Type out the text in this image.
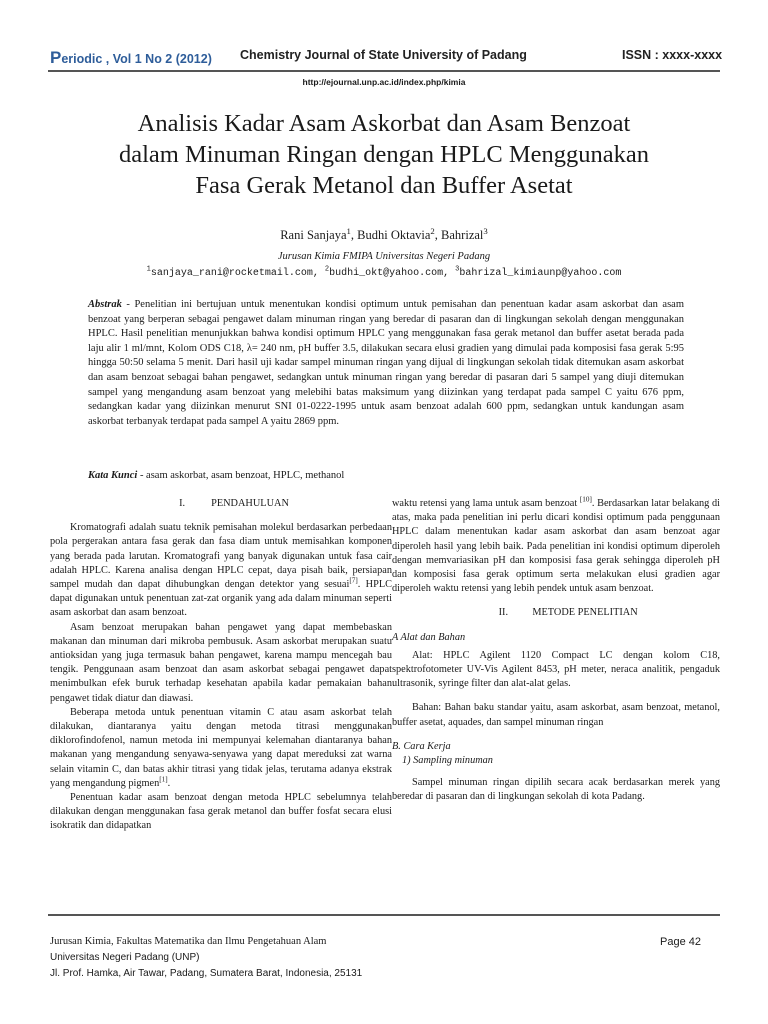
Periodic , Vol 1 No 2 (2012) Chemistry Journal of State University of Padang	ISSN : xxxx-xxxx
http://ejournal.unp.ac.id/index.php/kimia
Analisis Kadar Asam Askorbat dan Asam Benzoat
dalam Minuman Ringan dengan HPLC Menggunakan
Fasa Gerak Metanol dan Buffer Asetat
Rani Sanjaya$^1$, Budhi Oktavia$^2$, Bahrizal$^3$
Jurusan Kimia FMIPA Universitas Negeri Padang
$^1$sanjaya_rani@rocketmail.com, $^2$budhi_okt@yahoo.com, $^3$bahrizal_kimiaunp@yahoo.com
Abstrak - Penelitian ini bertujuan untuk menentukan kondisi optimum untuk pemisahan dan penentuan kadar asam askorbat dan asam benzoat yang berperan sebagai pengawet dalam minuman ringan yang beredar di pasaran dan di lingkungan sekolah dengan menggunakan HPLC. Hasil penelitian menunjukkan bahwa kondisi optimum HPLC yang menggunakan fasa gerak metanol dan buffer asetat berada pada laju alir 1 ml/mnt, Kolom ODS C18, λ= 240 nm, pH buffer 3.5, dilakukan secara elusi gradien yang dimulai pada komposisi fasa gerak 5:95 hingga 50:50 selama 5 menit. Dari hasil uji kadar sampel minuman ringan yang dijual di lingkungan sekolah tidak ditemukan asam askorbat dan asam benzoat sebagai bahan pengawet, sedangkan untuk minuman ringan yang beredar di pasaran dari 5 sampel yang diuji ditemukan sampel yang mengandung asam benzoat yang melebihi batas maksimum yang diizinkan yang terdapat pada sampel C yaitu 676 ppm, sedangkan kadar yang diizinkan menurut SNI 01-0222-1995 untuk asam benzoat adalah 600 ppm, sedangkan untuk kandungan asam askorbat terbanyak terdapat pada sampel A yaitu 2869 ppm.
Kata Kunci - asam askorbat, asam benzoat, HPLC, methanol
I.	PENDAHULUAN

Kromatografi adalah suatu teknik pemisahan molekul berdasarkan perbedaan pola pergerakan antara fasa gerak dan fasa diam untuk memisahkan komponen yang berada pada larutan. Kromatografi yang banyak digunakan untuk fasa cair adalah HPLC. Karena analisa dengan HPLC cepat, daya pisah baik, persiapan sampel mudah dan dapat dihubungkan dengan detektor yang sesuai[7]. HPLC dapat digunakan untuk penentuan zat-zat organik yang ada dalam minuman seperti asam askorbat dan asam benzoat.

Asam benzoat merupakan bahan pengawet yang dapat membebaskan makanan dan minuman dari mikroba pembusuk. Asam askorbat merupakan suatu antioksidan yang juga termasuk bahan pengawet, karena mampu mencegah bau tengik. Penggunaan asam benzoat dan asam askorbat sebagai pengawet dapat menimbulkan efek buruk terhadap kesehatan apabila kadar pemakaian bahan pengawet tidak diatur dan diawasi.

Beberapa metoda untuk penentuan vitamin C atau asam askorbat telah dilakukan, diantaranya yaitu dengan metoda titrasi menggunakan diklorofindofenol, namun metoda ini mempunyai kelemahan diantaranya bahan makanan yang mengandung senyawa-senyawa yang dapat mereduksi zat warna selain vitamin C, dan batas akhir titrasi yang tidak jelas, terutama adanya ekstrak yang mengandung pigmen[1].

Penentuan kadar asam benzoat dengan metoda HPLC sebelumnya telah dilakukan dengan menggunakan fasa gerak metanol dan buffer fosfat secara elusi isokratik dan didapatkan

waktu retensi yang lama untuk asam benzoat [10]. Berdasarkan latar belakang di atas, maka pada penelitian ini perlu dicari kondisi optimum pada penggunaan HPLC dalam menentukan kadar asam askorbat dan asam benzoat agar diperoleh hasil yang lebih baik. Pada penelitian ini kondisi optimum diperoleh dengan memvariasikan pH dan komposisi fasa gerak sehingga diperoleh pH dan komposisi fasa gerak optimum serta melakukan elusi gradien agar diperoleh waktu retensi yang lebih pendek untuk asam benzoat.

II. METODE PENELITIAN
A Alat dan Bahan

Alat: HPLC Agilent 1120 Compact LC dengan kolom C18, spektrofotometer UV-Vis Agilent 8453, pH meter, neraca analitik, pengaduk ultrasonik, syringe filter dan alat-alat gelas.

Bahan: Bahan baku standar yaitu, asam askorbat, asam benzoat, metanol, buffer asetat, aquades, dan sampel minuman ringan

B. Cara Kerja
1) Sampling minuman

Sampel minuman ringan dipilih secara acak berdasarkan merek yang beredar di pasaran dan di lingkungan sekolah di kota Padang.

Jurusan Kimia, Fakultas Matematika dan Ilmu Pengetahuan Alam
Universitas Negeri Padang (UNP)
Jl. Prof. Hamka, Air Tawar, Padang, Sumatera Barat, Indonesia, 25131
Page 42
